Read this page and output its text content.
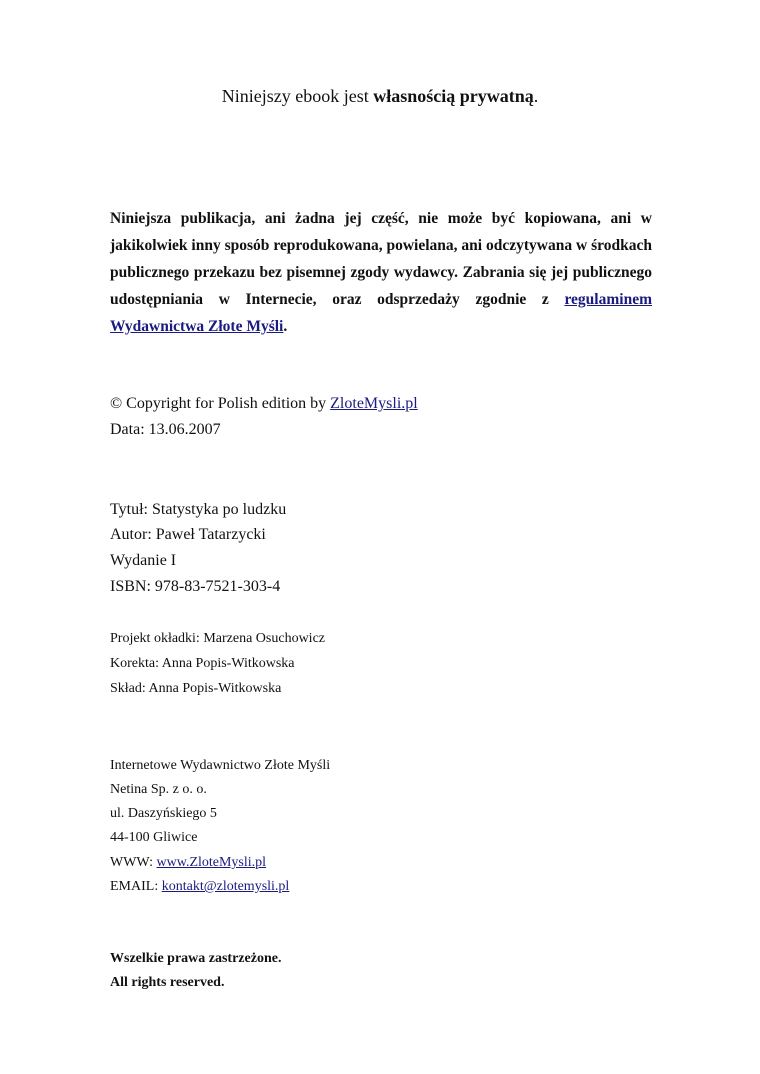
Niniejszy ebook jest własnością prywatną.
Niniejsza publikacja, ani żadna jej część, nie może być kopiowana, ani w jakikolwiek inny sposób reprodukowana, powielana, ani odczytywana w środkach publicznego przekazu bez pisemnej zgody wydawcy. Zabrania się jej publicznego udostępniania w Internecie, oraz odsprzedaży zgodnie z regulaminem Wydawnictwa Złote Myśli.
© Copyright for Polish edition by ZloteMysli.pl
Data: 13.06.2007
Tytuł: Statystyka po ludzku
Autor: Paweł Tatarzycki
Wydanie I
ISBN: 978-83-7521-303-4
Projekt okładki: Marzena Osuchowicz
Korekta: Anna Popis-Witkowska
Skład: Anna Popis-Witkowska
Internetowe Wydawnictwo Złote Myśli
Netina Sp. z o. o.
ul. Daszyńskiego 5
44-100 Gliwice
WWW: www.ZloteMysli.pl
EMAIL: kontakt@zlotemysli.pl
Wszelkie prawa zastrzeżone.
All rights reserved.
